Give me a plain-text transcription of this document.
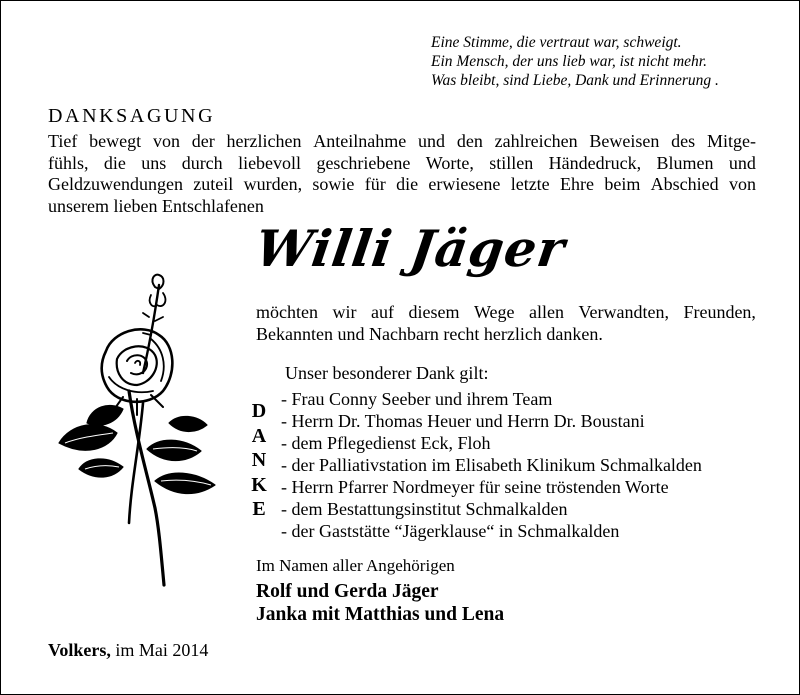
Eine Stimme, die vertraut war, schweigt.
Ein Mensch, der uns lieb war, ist nicht mehr.
Was bleibt, sind Liebe, Dank und Erinnerung .
DANKSAGUNG
Tief bewegt von der herzlichen Anteilnahme und den zahlreichen Beweisen des Mitge-
fühls, die uns durch liebevoll geschriebene Worte, stillen Händedruck, Blumen und
Geldzuwendungen zuteil wurden, sowie für die erwiesene letzte Ehre beim Abschied von
unserem lieben Entschlafenen
Willi Jäger
möchten wir auf diesem Wege allen Verwandten, Freunden,
Bekannten und Nachbarn recht herzlich danken.
Unser besonderer Dank gilt:
D
A
N
K
E
- Frau Conny Seeber und ihrem Team
- Herrn Dr. Thomas Heuer und Herrn Dr. Boustani
- dem Pflegedienst Eck, Floh
- der Palliativstation im Elisabeth Klinikum Schmalkalden
- Herrn Pfarrer Nordmeyer für seine tröstenden Worte
- dem Bestattungsinstitut Schmalkalden
- der Gaststätte “Jägerklause“ in Schmalkalden
Im Namen aller Angehörigen
Rolf und Gerda Jäger
Janka mit Matthias und Lena
Volkers, im Mai 2014
